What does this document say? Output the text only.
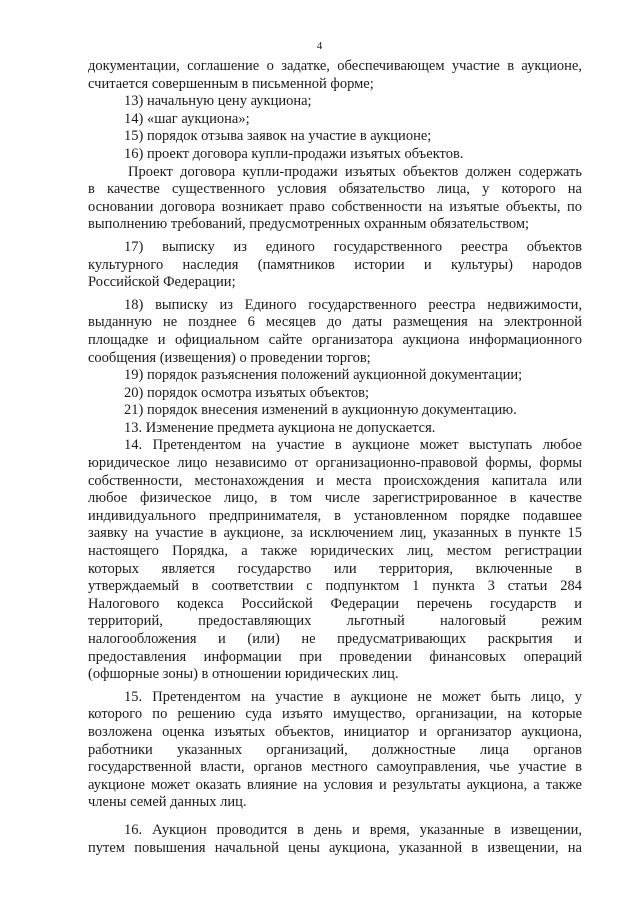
4
документации, соглашение о задатке, обеспечивающем участие в аукционе,
считается совершенным в письменной форме;
13) начальную цену аукциона;
14) «шаг аукциона»;
15) порядок отзыва заявок на участие в аукционе;
16) проект договора купли-продажи изъятых объектов.
Проект договора купли-продажи изъятых объектов должен содержать
в качестве существенного условия обязательство лица, у которого на
основании договора возникает право собственности на изъятые объекты, по
выполнению требований, предусмотренных охранным обязательством;
17) выписку из единого государственного реестра объектов
культурного наследия (памятников истории и культуры) народов
Российской Федерации;
18) выписку из Единого государственного реестра недвижимости,
выданную не позднее 6 месяцев до даты размещения на электронной
площадке и официальном сайте организатора аукциона информационного
сообщения (извещения) о проведении торгов;
19) порядок разъяснения положений аукционной документации;
20) порядок осмотра изъятых объектов;
21) порядок внесения изменений в аукционную документацию.
13. Изменение предмета аукциона не допускается.
14. Претендентом на участие в аукционе может выступать любое
юридическое лицо независимо от организационно-правовой формы, формы
собственности, местонахождения и места происхождения капитала или
любое физическое лицо, в том числе зарегистрированное в качестве
индивидуального предпринимателя, в установленном порядке подавшее
заявку на участие в аукционе, за исключением лиц, указанных в пункте 15
настоящего Порядка, а также юридических лиц, местом регистрации
которых является государство или территория, включенные в
утверждаемый в соответствии с подпунктом 1 пункта 3 статьи 284
Налогового кодекса Российской Федерации перечень государств и
территорий, предоставляющих льготный налоговый режим
налогообложения и (или) не предусматривающих раскрытия и
предоставления информации при проведении финансовых операций
(офшорные зоны) в отношении юридических лиц.
15. Претендентом на участие в аукционе не может быть лицо, у
которого по решению суда изъято имущество, организации, на которые
возложена оценка изъятых объектов, инициатор и организатор аукциона,
работники указанных организаций, должностные лица органов
государственной власти, органов местного самоуправления, чье участие в
аукционе может оказать влияние на условия и результаты аукциона, а также
члены семей данных лиц.
16. Аукцион проводится в день и время, указанные в извещении,
путем повышения начальной цены аукциона, указанной в извещении, на
